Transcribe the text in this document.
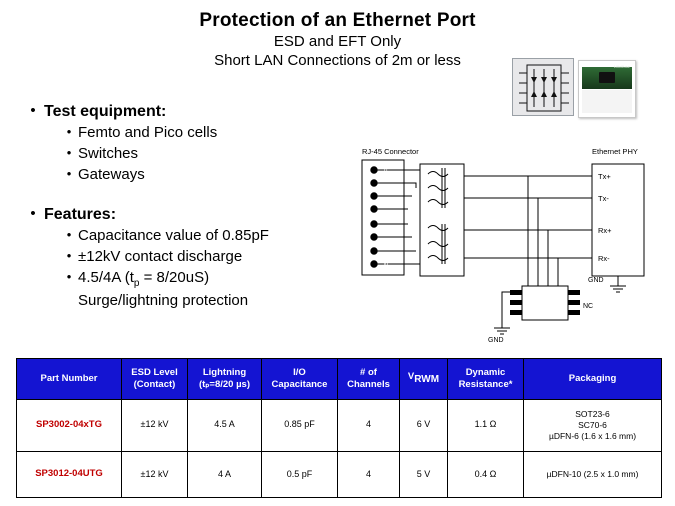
Protection of an Ethernet Port
ESD and EFT Only
Short LAN Connections of 2m or less
• Test equipment:
• Femto and Pico cells
• Switches
• Gateways
• Features:
• Capacitance value of 0.85pF
• ±12kV contact discharge
• 4.5/4A $(t_p = 8/20uS)$

Surge/lightning protection
Littelfuse
RJ-45 Connector	Ethernet PHY
J1
J8
Tx+
Tx-
Rx+
Rx-
GND
GND
NC
Part Number	ESD Level (Contact)	Lightning (tₚ=8/20 µs)	I/O Capacitance	# of Channels	$V_{RWM}$	Dynamic Resistance*	Packaging
SP3002-04xTG	±12 kV	4.5 A	0.85 pF	4	6 V	1.1 Ω	SOT23-6
SC70-6
µDFN-6 (1.6 x 1.6 mm)
SP3012-04UTG	±12 kV	4 A	0.5 pF	4	5 V	0.4 Ω	µDFN-10 (2.5 x 1.0 mm)
